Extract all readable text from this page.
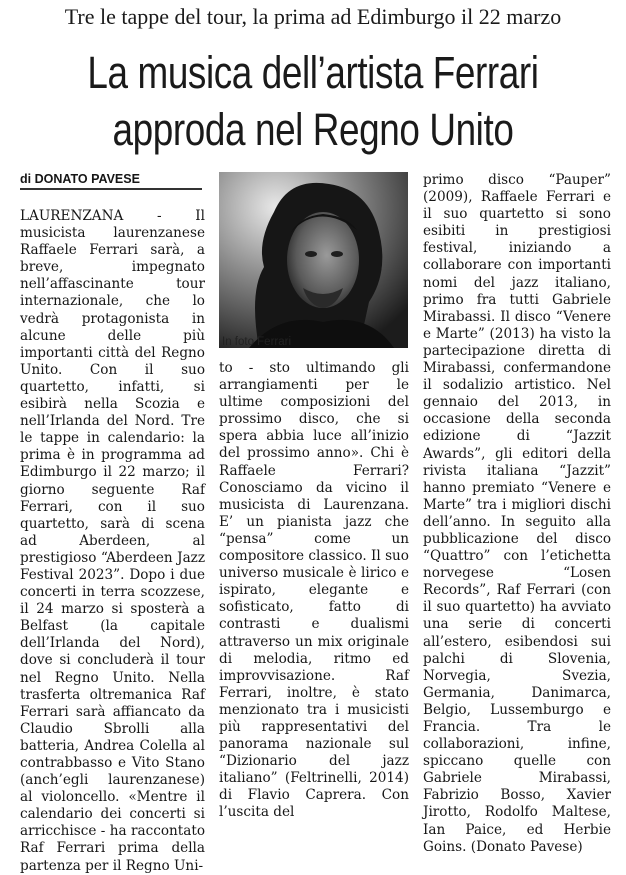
Tre le tappe del tour, la prima ad Edimburgo il 22 marzo
La musica dell’artista Ferrari
approda nel Regno Unito
di DONATO PAVESE

LAURENZANA - Il musicista laurenzanese Raffaele Ferrari sarà, a breve, impegnato nell’affascinante tour internazionale, che lo vedrà protagonista in alcune delle più importanti città del Regno Unito. Con il suo quartetto, infatti, si esibirà nella Scozia e nell’Irlanda del Nord. Tre le tappe in calendario: la prima è in programma ad Edimburgo il 22 marzo; il giorno seguente Raf Ferrari, con il suo quartetto, sarà di scena ad Aberdeen, al prestigioso “Aberdeen Jazz Festival 2023”. Dopo i due concerti in terra scozzese, il 24 marzo si sposterà a Belfast (la capitale dell’Irlanda del Nord), dove si concluderà il tour nel Regno Unito. Nella trasferta oltremanica Raf Ferrari sarà affiancato da Claudio Sbrolli alla batteria, Andrea Colella al contrabbasso e Vito Stano (anch’egli laurenzanese) al violoncello. «Mentre il calendario dei concerti si arricchisce - ha raccontato Raf Ferrari prima della partenza per il Regno Uni-

In foto Ferrari

to - sto ultimando gli arrangiamenti per le ultime composizioni del prossimo disco, che si spera abbia luce all’inizio del prossimo anno». Chi è Raffaele Ferrari? Conosciamo da vicino il musicista di Laurenzana. E’ un pianista jazz che “pensa” come un compositore classico. Il suo universo musicale è lirico e ispirato, elegante e sofisticato, fatto di contrasti e dualismi attraverso un mix originale di melodia, ritmo ed improvvisazione. Raf Ferrari, inoltre, è stato menzionato tra i musicisti più rappresentativi del panorama nazionale sul “Dizionario del jazz italiano” (Feltrinelli, 2014) di Flavio Caprera. Con l’uscita del

primo disco “Pauper” (2009), Raffaele Ferrari e il suo quartetto si sono esibiti in prestigiosi festival, iniziando a collaborare con importanti nomi del jazz italiano, primo fra tutti Gabriele Mirabassi. Il disco “Venere e Marte” (2013) ha visto la partecipazione diretta di Mirabassi, confermandone il sodalizio artistico. Nel gennaio del 2013, in occasione della seconda edizione di “Jazzit Awards”, gli editori della rivista italiana “Jazzit” hanno premiato “Venere e Marte” tra i migliori dischi dell’anno. In seguito alla pubblicazione del disco “Quattro” con l’etichetta norvegese “Losen Records”, Raf Ferrari (con il suo quartetto) ha avviato una serie di concerti all’estero, esibendosi sui palchi di Slovenia, Norvegia, Svezia, Germania, Danimarca, Belgio, Lussemburgo e Francia. Tra le collaborazioni, infine, spiccano quelle con Gabriele Mirabassi, Fabrizio Bosso, Xavier Jirotto, Rodolfo Maltese, Ian Paice, ed Herbie Goins. (Donato Pavese)
